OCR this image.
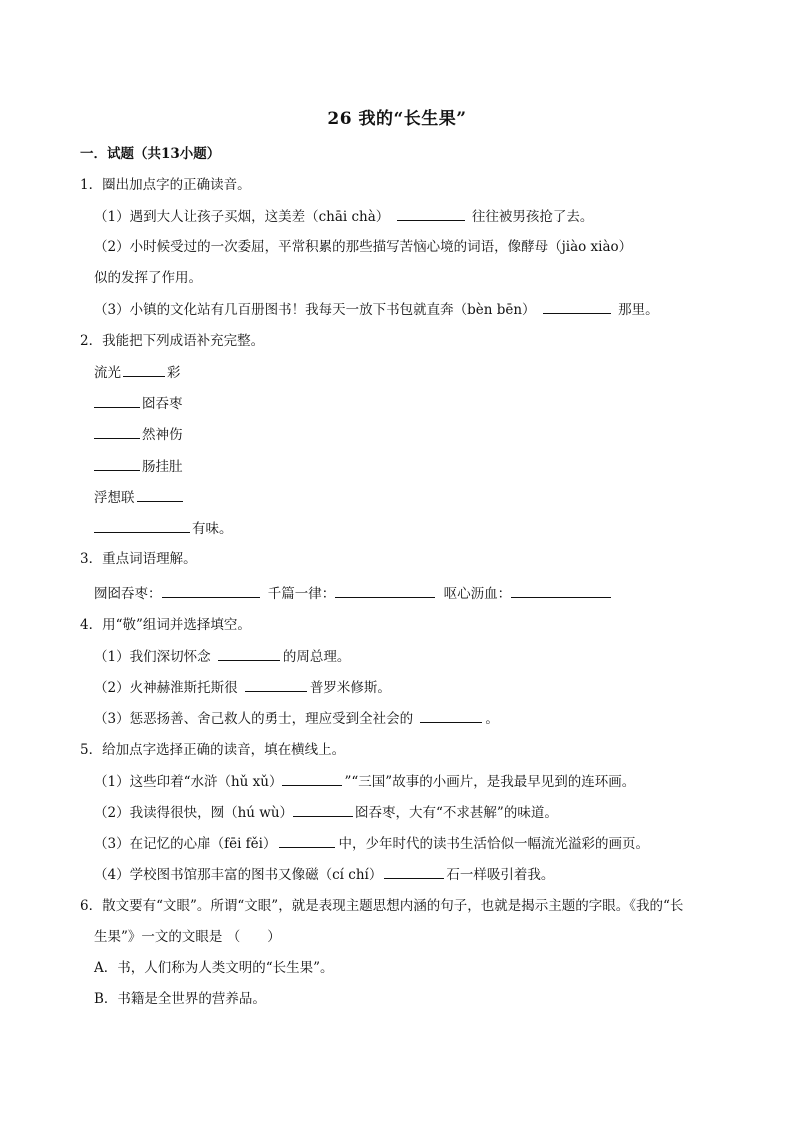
26 我的“长生果”
一．试题（共13小题）
1．圈出加点字的正确读音。
（1）遇到大人让孩子买烟，这美差（chāi chà）	往往被男孩抢了去。
（2）小时候受过的一次委屈，平常积累的那些描写苦恼心境的词语，像酵母（jiào xiào）
似的发挥了作用。
（3）小镇的文化站有几百册图书！我每天一放下书包就直奔（bèn bēn）	那里。
2．我能把下列成语补充完整。
流光	彩
囵吞枣
然神伤
肠挂肚
浮想联
有味。
3．重点词语理解。
囫囵吞枣：	千篇一律：	呕心沥血：
4．用“敬”组词并选择填空。
（1）我们深切怀念	的周总理。
（2）火神赫淮斯托斯很	普罗米修斯。
（3）惩恶扬善、舍己救人的勇士，理应受到全社会的	。
5．给加点字选择正确的读音，填在横线上。
（1）这些印着“水浒（hǔ xǔ）	”“三国”故事的小画片，是我最早见到的连环画。
（2）我读得很快，囫（hú wù）	囵吞枣，大有“不求甚解”的味道。
（3）在记忆的心扉（fēi fěi）	中，少年时代的读书生活恰似一幅流光溢彩的画页。
（4）学校图书馆那丰富的图书又像磁（cí chí）	石一样吸引着我。
6．散文要有“文眼”。所谓“文眼”，就是表现主题思想内涵的句子，也就是揭示主题的字眼。《我的“长
生果”》一文的文眼是 （　　）
A．书，人们称为人类文明的“长生果”。
B．书籍是全世界的营养品。
